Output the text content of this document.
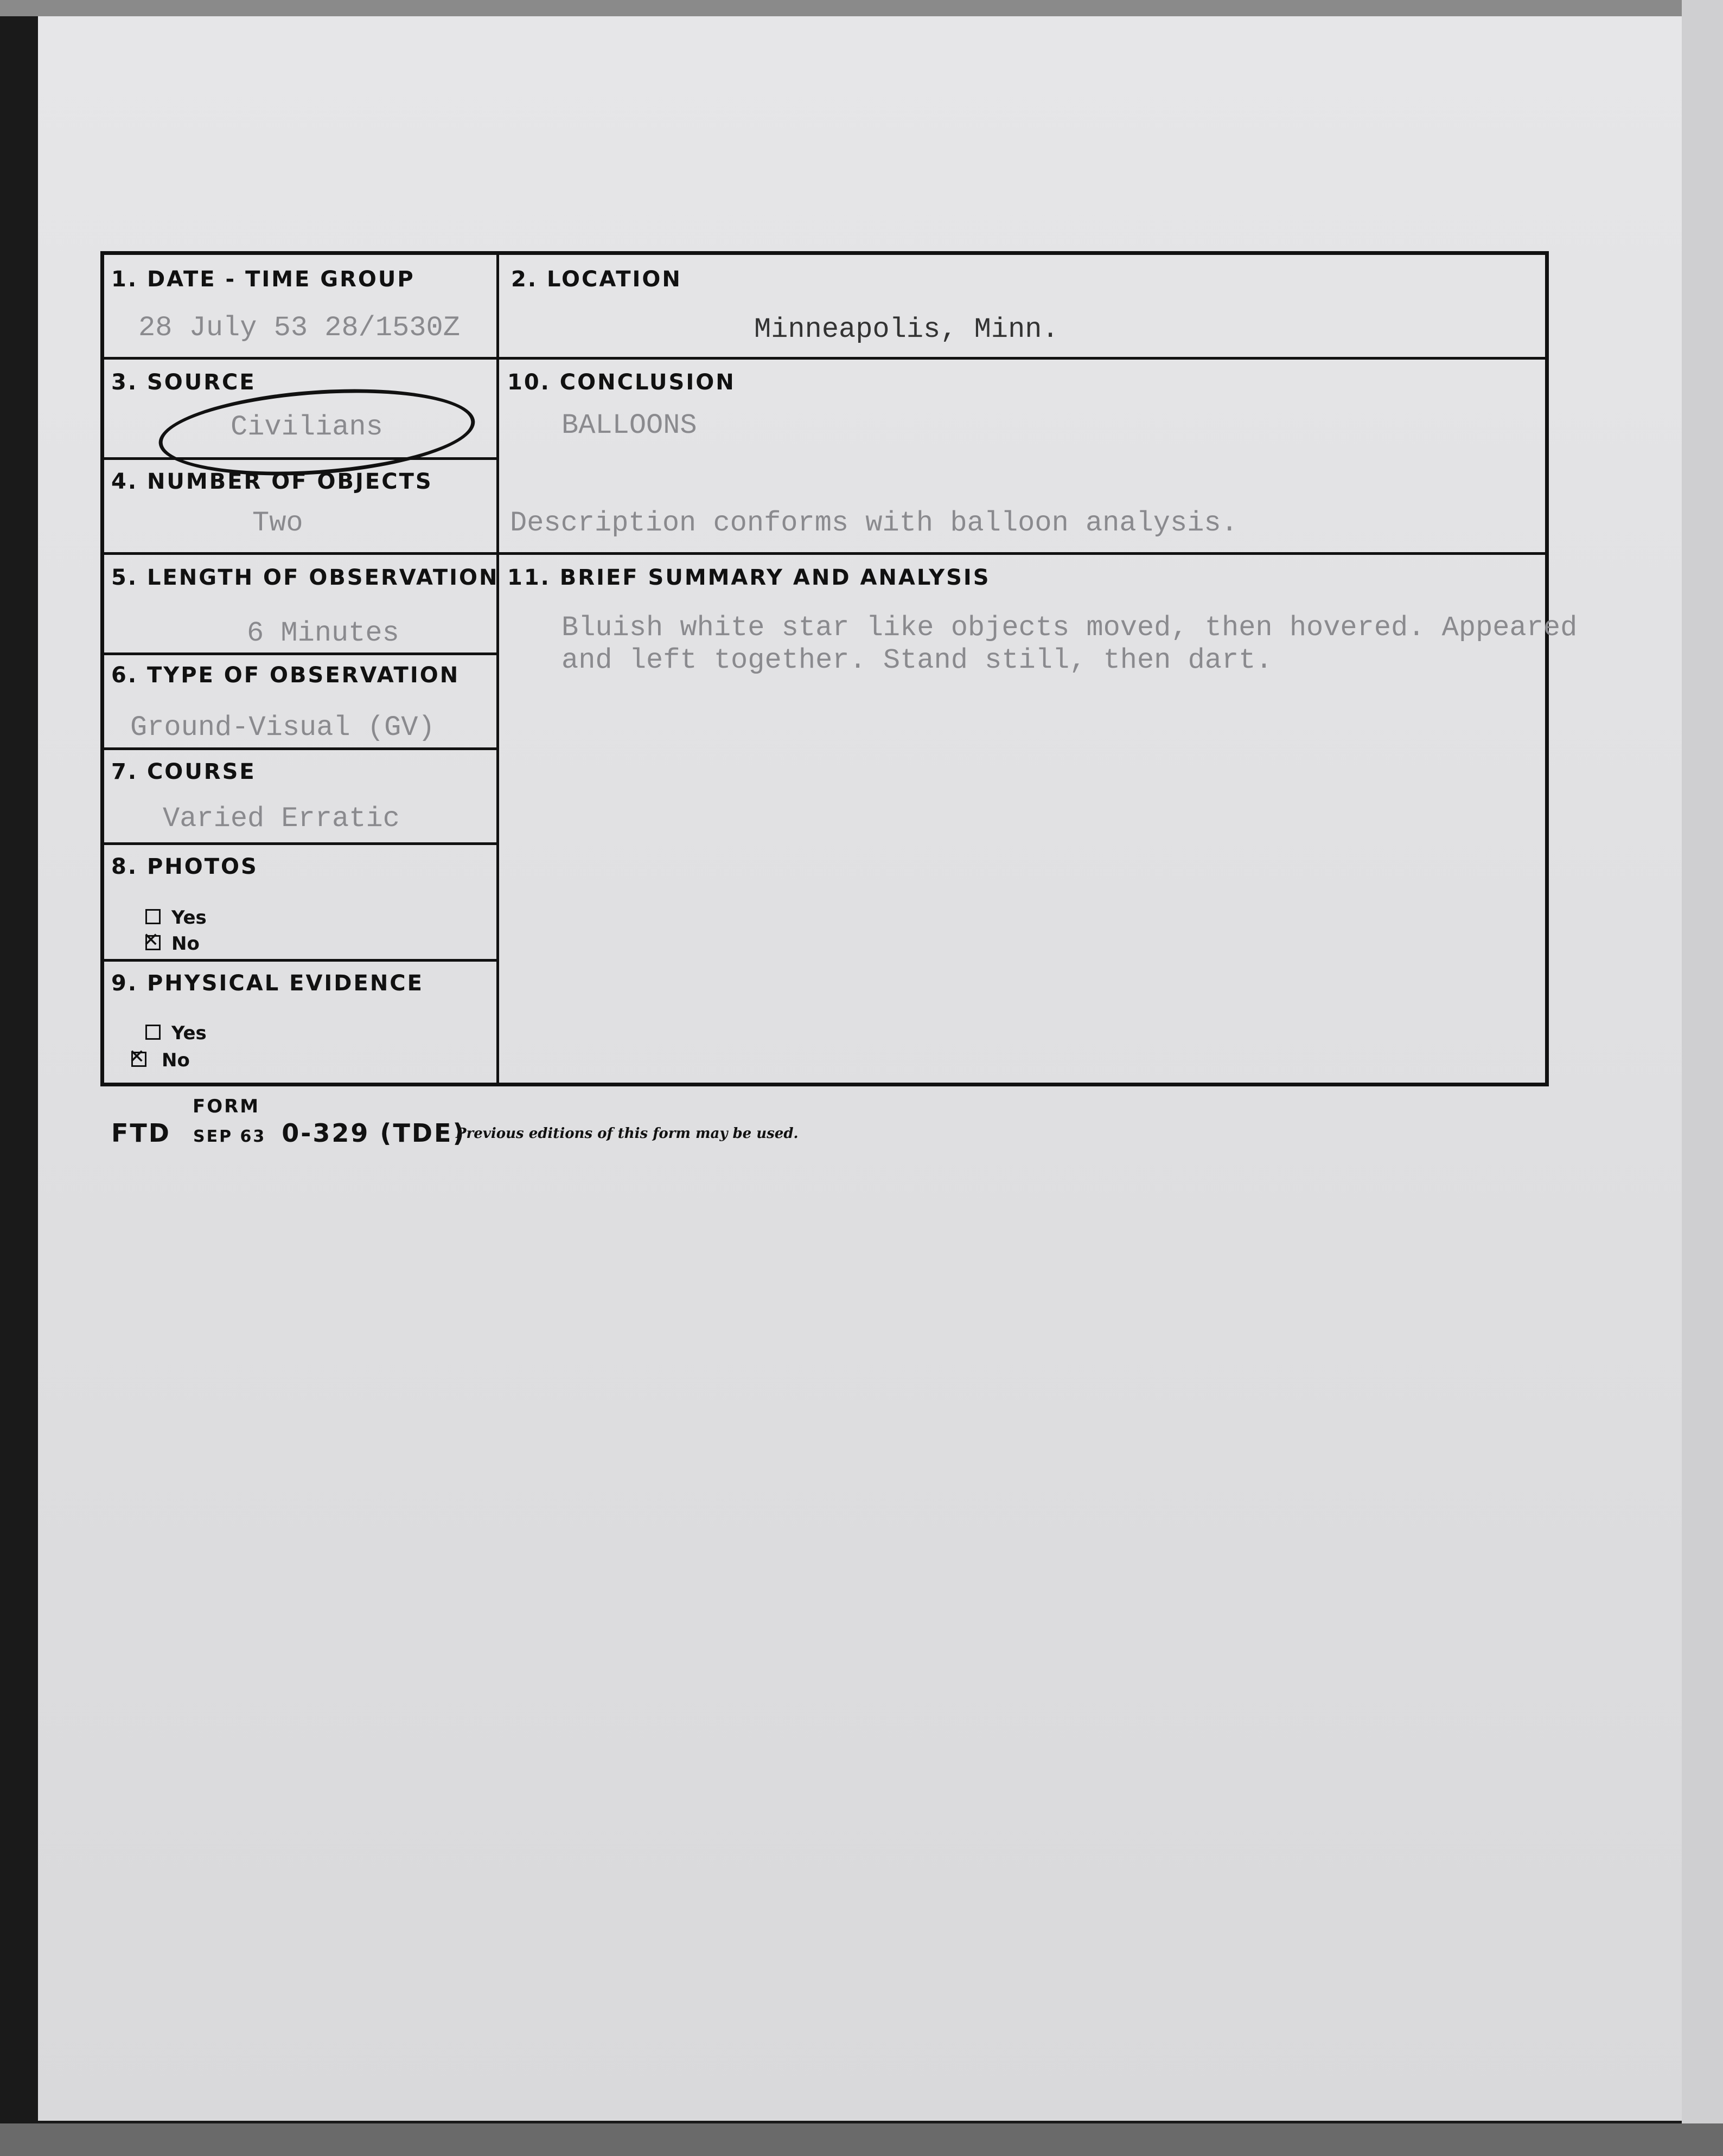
1. DATE - TIME GROUP
28 July 53 28/1530Z
2. LOCATION
Minneapolis, Minn.
3. SOURCE
Civilians
10. CONCLUSION
BALLOONS
Description conforms with balloon analysis.
4. NUMBER OF OBJECTS
Two
5. LENGTH OF OBSERVATION
6 Minutes
11. BRIEF SUMMARY AND ANALYSIS
Bluish white star like objects moved, then hovered. Appeared
and left together. Stand still, then dart.
6. TYPE OF OBSERVATION
Ground-Visual (GV)
7. COURSE
Varied Erratic
8. PHOTOS
Yes
✕No
9. PHYSICAL EVIDENCE
Yes
✕No
FORM
FTD SEP 63 0-329 (TDE)
Previous editions of this form may be used.
